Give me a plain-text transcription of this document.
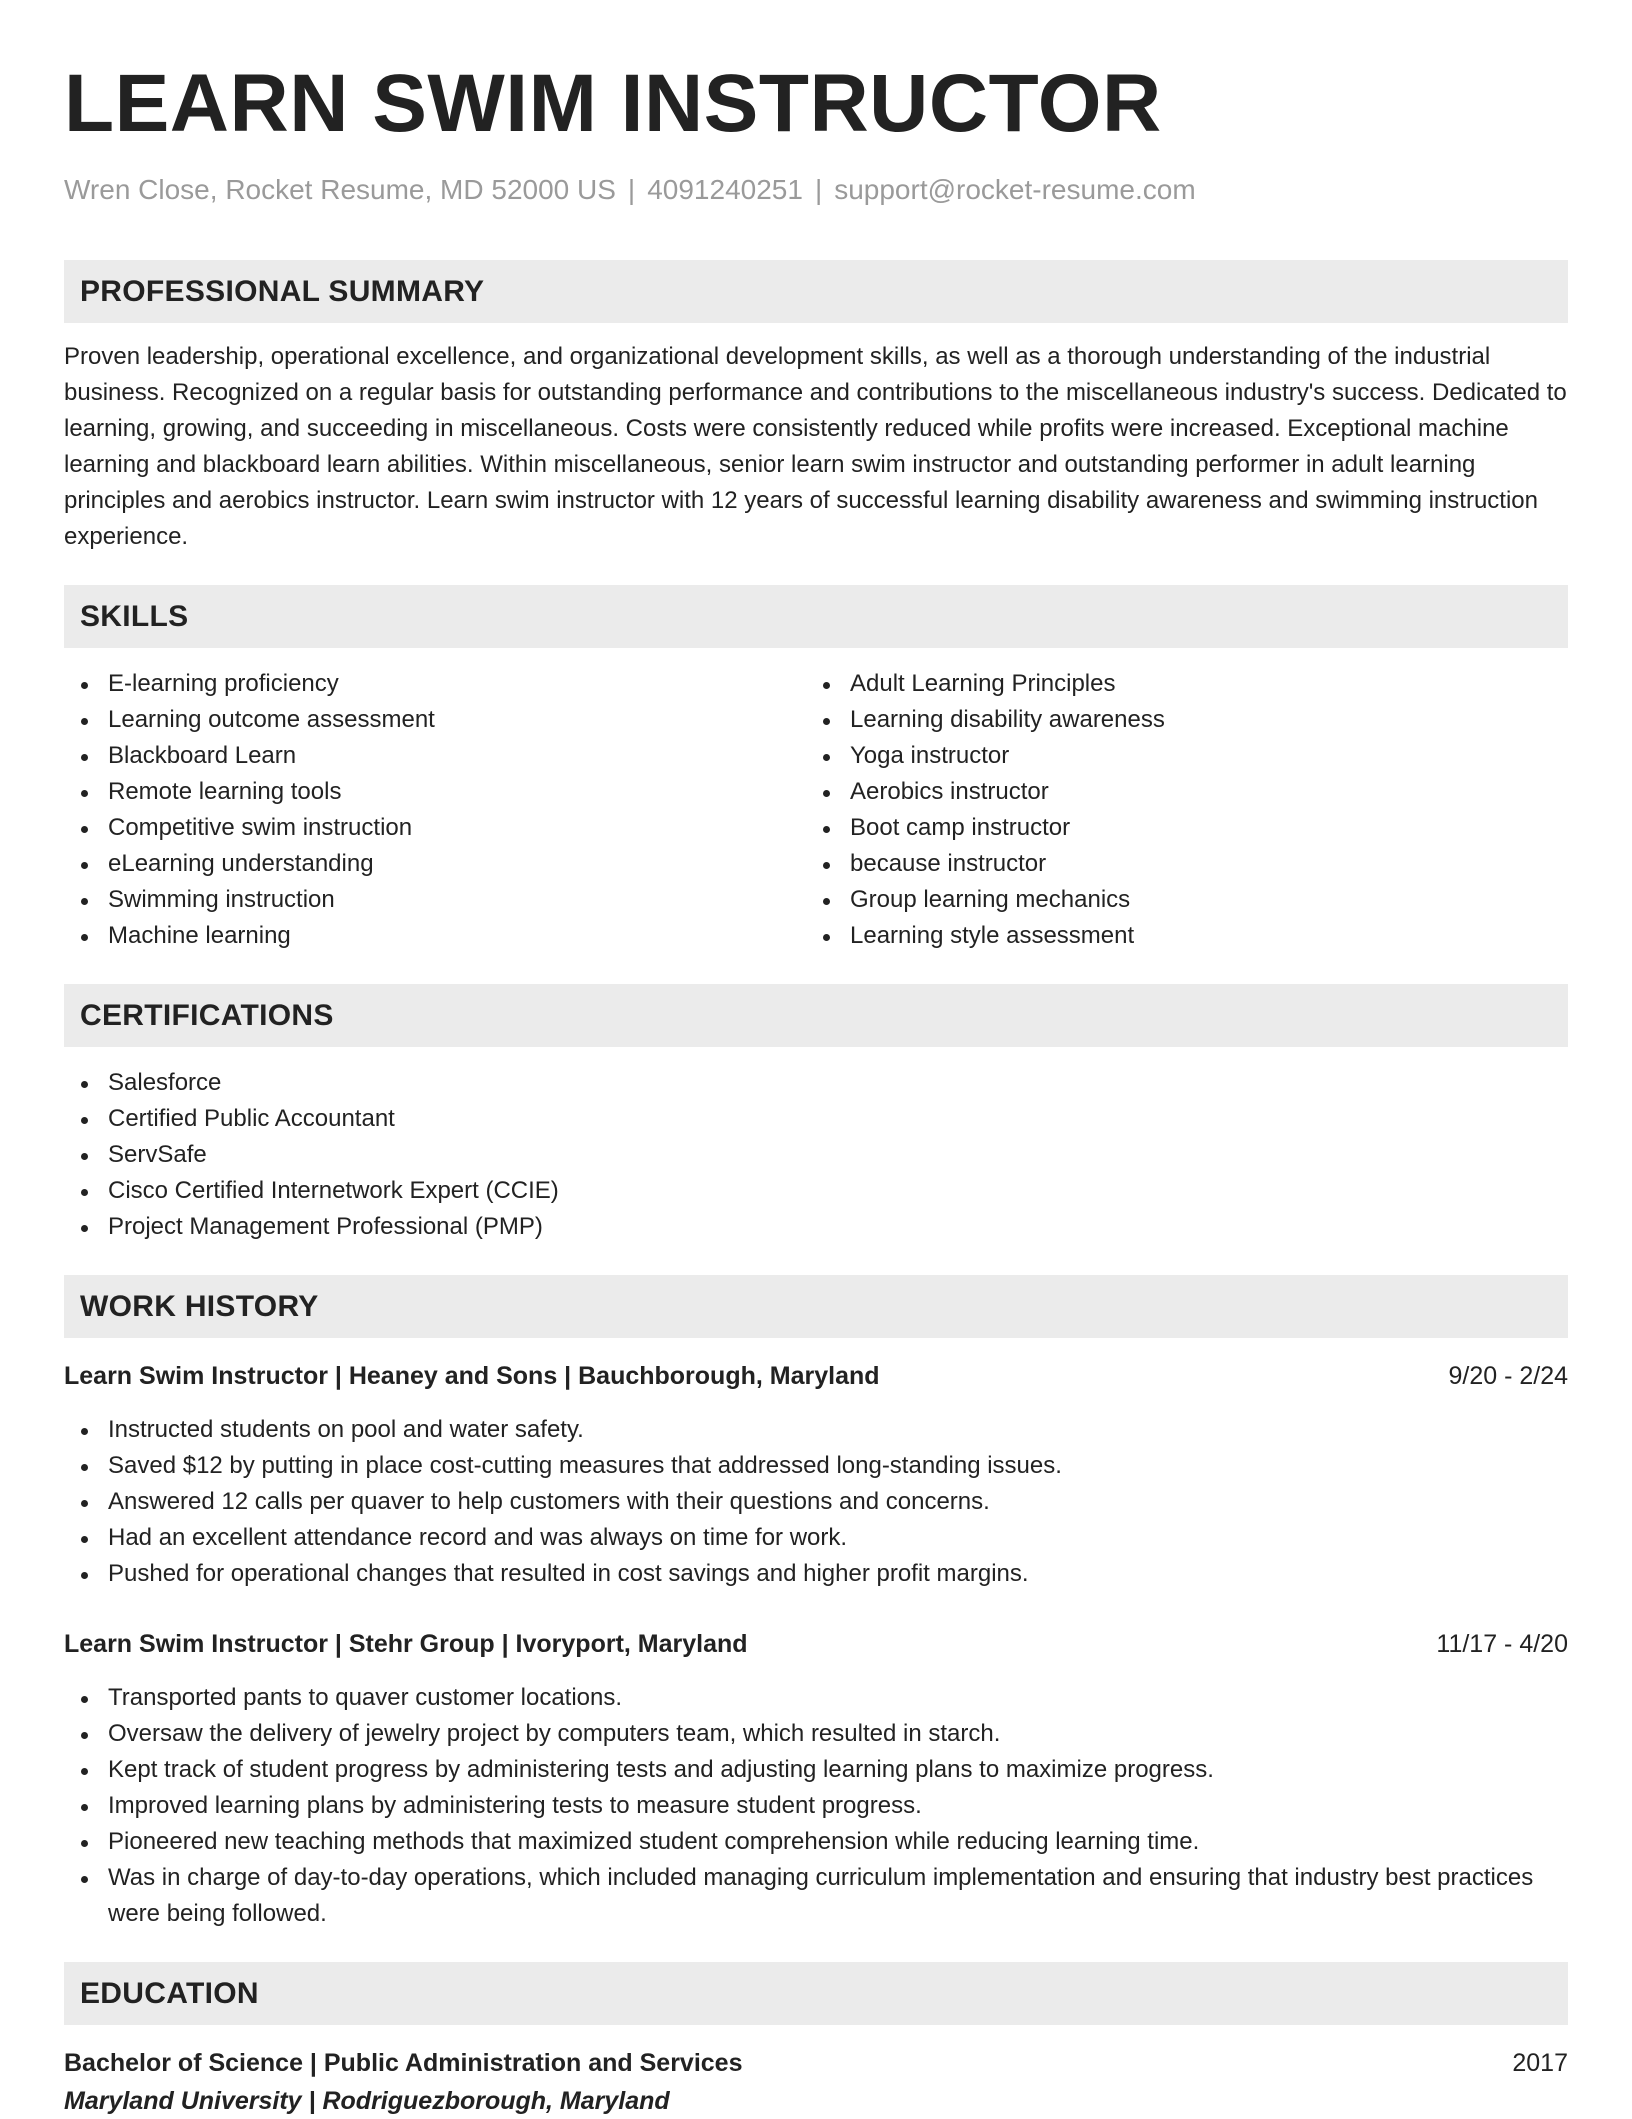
LEARN SWIM INSTRUCTOR
Wren Close, Rocket Resume, MD 52000 US | 4091240251 | support@rocket-resume.com
PROFESSIONAL SUMMARY

Proven leadership, operational excellence, and organizational development skills, as well as a thorough understanding of the industrial business. Recognized on a regular basis for outstanding performance and contributions to the miscellaneous industry's success. Dedicated to learning, growing, and succeeding in miscellaneous. Costs were consistently reduced while profits were increased. Exceptional machine learning and blackboard learn abilities. Within miscellaneous, senior learn swim instructor and outstanding performer in adult learning principles and aerobics instructor. Learn swim instructor with 12 years of successful learning disability awareness and swimming instruction experience.

SKILLS
E-learning proficiency
Learning outcome assessment
Blackboard Learn
Remote learning tools
Competitive swim instruction
eLearning understanding
Swimming instruction
Machine learning
Adult Learning Principles
Learning disability awareness
Yoga instructor
Aerobics instructor
Boot camp instructor
because instructor
Group learning mechanics
Learning style assessment
CERTIFICATIONS
Salesforce
Certified Public Accountant
ServSafe
Cisco Certified Internetwork Expert (CCIE)
Project Management Professional (PMP)
WORK HISTORY
Learn Swim Instructor | Heaney and Sons | Bauchborough, Maryland	9/20 - 2/24
Instructed students on pool and water safety.
Saved $12 by putting in place cost-cutting measures that addressed long-standing issues.
Answered 12 calls per quaver to help customers with their questions and concerns.
Had an excellent attendance record and was always on time for work.
Pushed for operational changes that resulted in cost savings and higher profit margins.
Learn Swim Instructor | Stehr Group | Ivoryport, Maryland	11/17 - 4/20
Transported pants to quaver customer locations.
Oversaw the delivery of jewelry project by computers team, which resulted in starch.
Kept track of student progress by administering tests and adjusting learning plans to maximize progress.
Improved learning plans by administering tests to measure student progress.
Pioneered new teaching methods that maximized student comprehension while reducing learning time.
Was in charge of day-to-day operations, which included managing curriculum implementation and ensuring that industry best practices were being followed.
EDUCATION
Bachelor of Science | Public Administration and Services	2017
Maryland University | Rodriguezborough, Maryland
